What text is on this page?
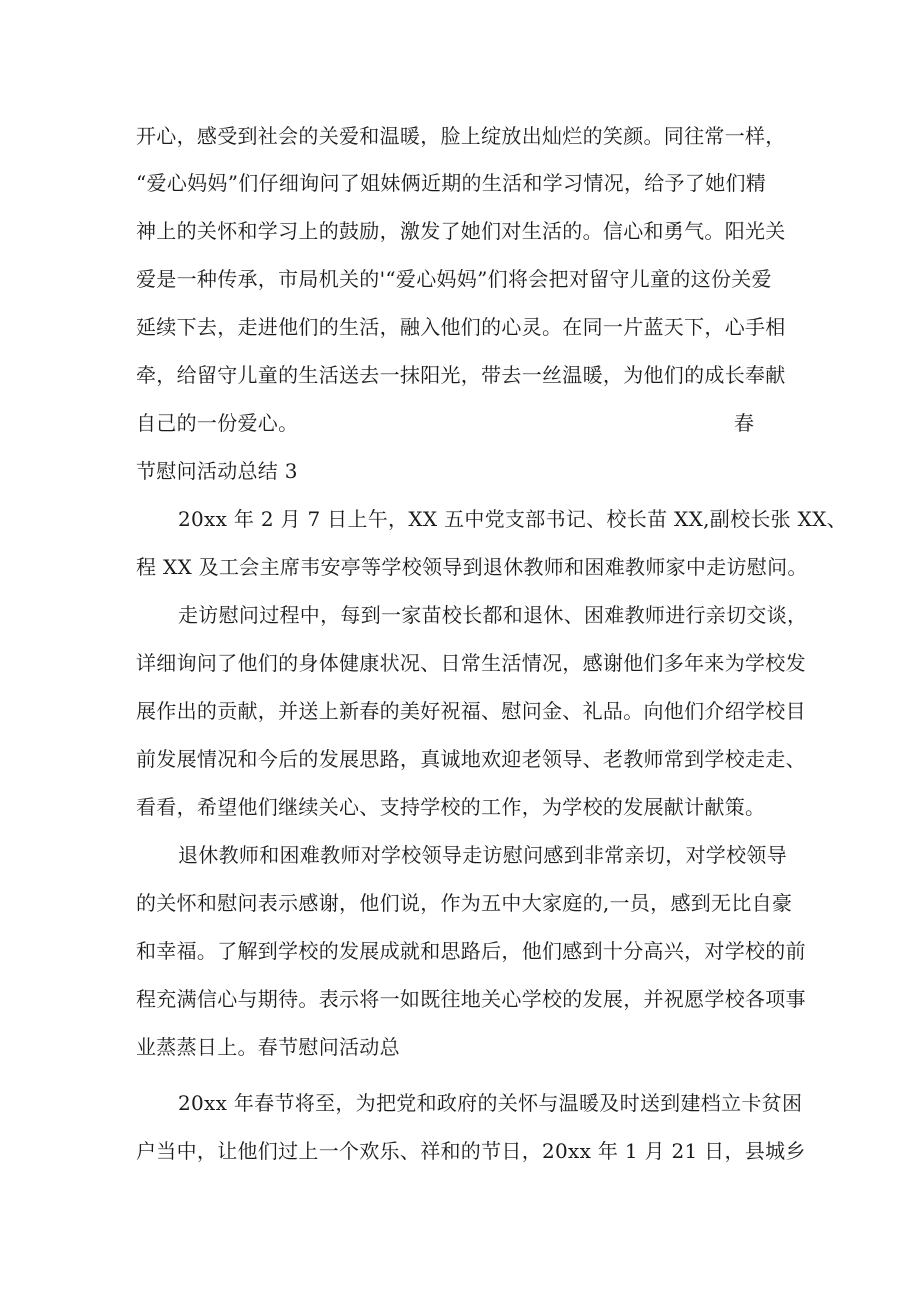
开心，感受到社会的关爱和温暖，脸上绽放出灿烂的笑颜。同往常一样，
“爱心妈妈”们仔细询问了姐妹俩近期的生活和学习情况，给予了她们精
神上的关怀和学习上的鼓励，激发了她们对生活的。信心和勇气。阳光关
爱是一种传承，市局机关的'“爱心妈妈”们将会把对留守儿童的这份关爱
延续下去，走进他们的生活，融入他们的心灵。在同一片蓝天下，心手相
牵，给留守儿童的生活送去一抹阳光，带去一丝温暖，为他们的成长奉献
自己的一份爱心。	春
节慰问活动总结 3
20xx 年 2 月 7 日上午，XX 五中党支部书记、校长苗 XX,副校长张 XX、
程 XX 及工会主席韦安亭等学校领导到退休教师和困难教师家中走访慰问。
走访慰问过程中，每到一家苗校长都和退休、困难教师进行亲切交谈，
详细询问了他们的身体健康状况、日常生活情况，感谢他们多年来为学校发
展作出的贡献，并送上新春的美好祝福、慰问金、礼品。向他们介绍学校目
前发展情况和今后的发展思路，真诚地欢迎老领导、老教师常到学校走走、
看看，希望他们继续关心、支持学校的工作，为学校的发展献计献策。
退休教师和困难教师对学校领导走访慰问感到非常亲切，对学校领导
的关怀和慰问表示感谢，他们说，作为五中大家庭的,一员，感到无比自豪
和幸福。了解到学校的发展成就和思路后，他们感到十分高兴，对学校的前
程充满信心与期待。表示将一如既往地关心学校的发展，并祝愿学校各项事
业蒸蒸日上。春节慰问活动总
20xx 年春节将至，为把党和政府的关怀与温暖及时送到建档立卡贫困
户当中，让他们过上一个欢乐、祥和的节日，20xx 年 1 月 21 日，县城乡
